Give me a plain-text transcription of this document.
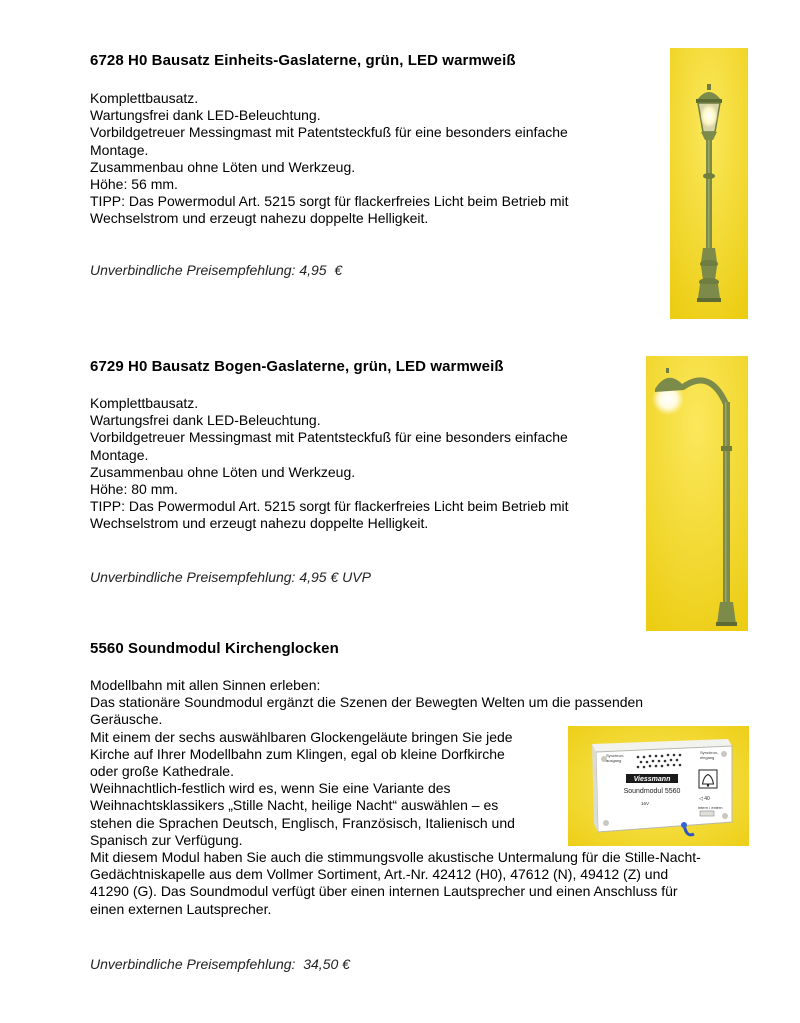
6728 H0 Bausatz Einheits-Gaslaterne, grün, LED warmweiß
Komplettbausatz.
Wartungsfrei dank LED-Beleuchtung.
Vorbildgetreuer Messingmast mit Patentsteckfuß für eine besonders einfache
Montage.
Zusammenbau ohne Löten und Werkzeug.
Höhe: 56 mm.
TIPP: Das Powermodul Art. 5215 sorgt für flackerfreies Licht beim Betrieb mit
Wechselstrom und erzeugt nahezu doppelte Helligkeit.

Unverbindliche Preisempfehlung: 4,95  €

6729 H0 Bausatz Bogen-Gaslaterne, grün, LED warmweiß
Komplettbausatz.
Wartungsfrei dank LED-Beleuchtung.
Vorbildgetreuer Messingmast mit Patentsteckfuß für eine besonders einfache
Montage.
Zusammenbau ohne Löten und Werkzeug.
Höhe: 80 mm.
TIPP: Das Powermodul Art. 5215 sorgt für flackerfreies Licht beim Betrieb mit
Wechselstrom und erzeugt nahezu doppelte Helligkeit.

Unverbindliche Preisempfehlung: 4,95 € UVP

5560 Soundmodul Kirchenglocken
Modellbahn mit allen Sinnen erleben:
Das stationäre Soundmodul ergänzt die Szenen der Bewegten Welten um die passenden
Geräusche.
Mit einem der sechs auswählbaren Glockengeläute bringen Sie jede
Kirche auf Ihrer Modellbahn zum Klingen, egal ob kleine Dorfkirche
oder große Kathedrale.
Weihnachtlich-festlich wird es, wenn Sie eine Variante des
Weihnachtsklassikers „Stille Nacht, heilige Nacht“ auswählen – es
stehen die Sprachen Deutsch, Englisch, Französisch, Italienisch und
Spanisch zur Verfügung.
Mit diesem Modul haben Sie auch die stimmungsvolle akustische Untermalung für die Stille-Nacht-
Gedächtniskapelle aus dem Vollmer Sortiment, Art.-Nr. 42412 (H0), 47612 (N), 49412 (Z) und
41290 (G). Das Soundmodul verfügt über einen internen Lautsprecher und einen Anschluss für
einen externen Lautsprecher.

Unverbindliche Preisempfehlung:  34,50 €

Synchron-
ausgang
Synchron-
eingang
Viessmann
Soundmodul 5560
16V
◁ 40
intern / extern
